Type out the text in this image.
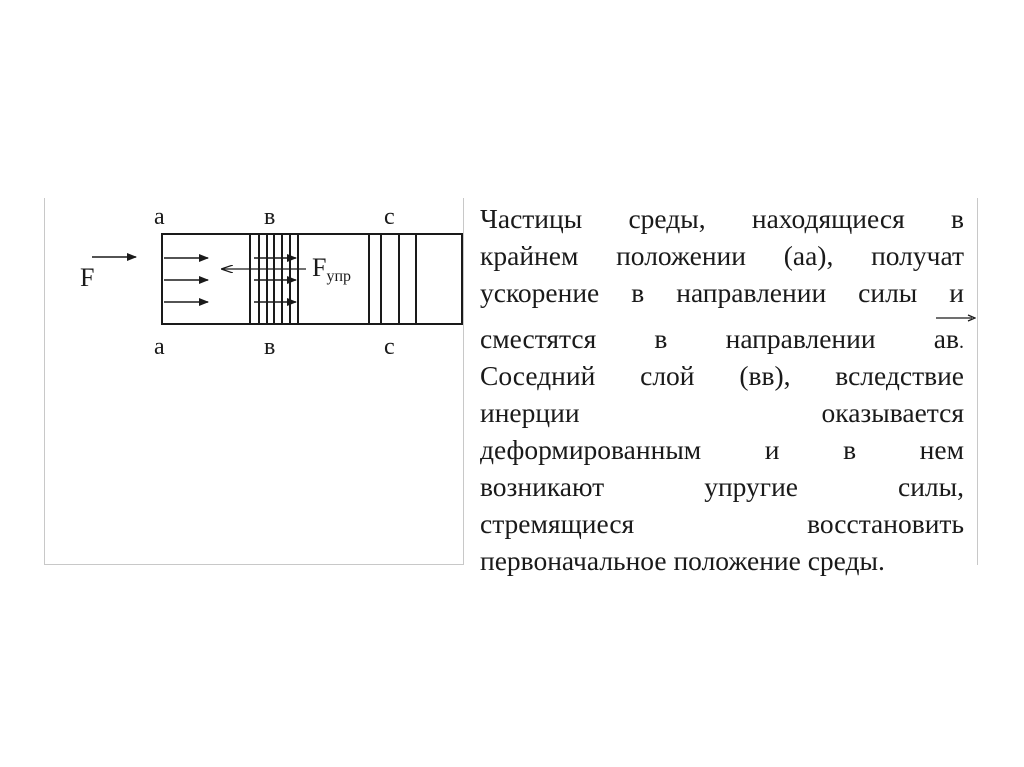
a	в	c
a	в	c
F	Fупр
Частицы среды, находящиеся в
крайнем положении (аа), получат
ускорение в направлении силы и
сместятся в направлении ав.
Соседний слой (вв), вследствие
инерции	оказывается
деформированным и в нем
возникают	упругие	силы,
стремящиеся	восстановить
первоначальное положение среды.
